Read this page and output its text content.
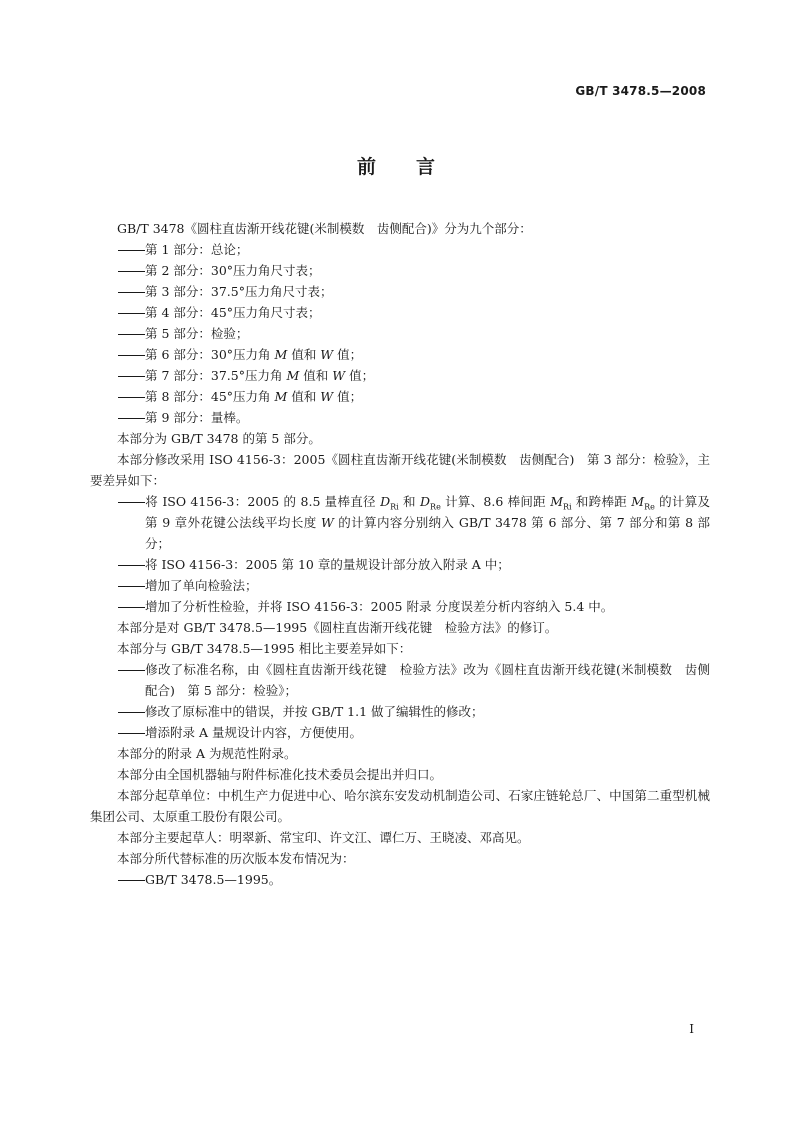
GB/T 3478.5—2008
前 言

GB/T 3478《圆柱直齿渐开线花键(米制模数　齿侧配合)》分为九个部分：

第 1 部分：总论；

第 2 部分：30°压力角尺寸表；

第 3 部分：37.5°压力角尺寸表；

第 4 部分：45°压力角尺寸表；

第 5 部分：检验；

第 6 部分：30°压力角 M 值和 W 值；

第 7 部分：37.5°压力角 M 值和 W 值；

第 8 部分：45°压力角 M 值和 W 值；

第 9 部分：量棒。

本部分为 GB/T 3478 的第 5 部分。

本部分修改采用 ISO 4156-3：2005《圆柱直齿渐开线花键(米制模数　齿侧配合)　第 3 部分：检验》，主要差异如下：

将 ISO 4156-3：2005 的 8.5 量棒直径 $D_{Ri}$ 和 $D_{Re}$ 计算、8.6 棒间距 $M_{Ri}$ 和跨棒距 $M_{Re}$ 的计算及第 9 章外花键公法线平均长度 W 的计算内容分别纳入 GB/T 3478 第 6 部分、第 7 部分和第 8 部分；

将 ISO 4156-3：2005 第 10 章的量规设计部分放入附录 A 中；

增加了单向检验法；

增加了分析性检验，并将 ISO 4156-3：2005 附录 分度误差分析内容纳入 5.4 中。

本部分是对 GB/T 3478.5—1995《圆柱直齿渐开线花键　检验方法》的修订。

本部分与 GB/T 3478.5—1995 相比主要差异如下：

修改了标准名称，由《圆柱直齿渐开线花键　检验方法》改为《圆柱直齿渐开线花键(米制模数　齿侧配合)　第 5 部分：检验》；

修改了原标准中的错误，并按 GB/T 1.1 做了编辑性的修改；

增添附录 A 量规设计内容，方便使用。

本部分的附录 A 为规范性附录。

本部分由全国机器轴与附件标准化技术委员会提出并归口。

本部分起草单位：中机生产力促进中心、哈尔滨东安发动机制造公司、石家庄链轮总厂、中国第二重型机械集团公司、太原重工股份有限公司。

本部分主要起草人：明翠新、常宝印、许文江、谭仁万、王晓凌、邓高见。

本部分所代替标准的历次版本发布情况为：

GB/T 3478.5—1995。

I
